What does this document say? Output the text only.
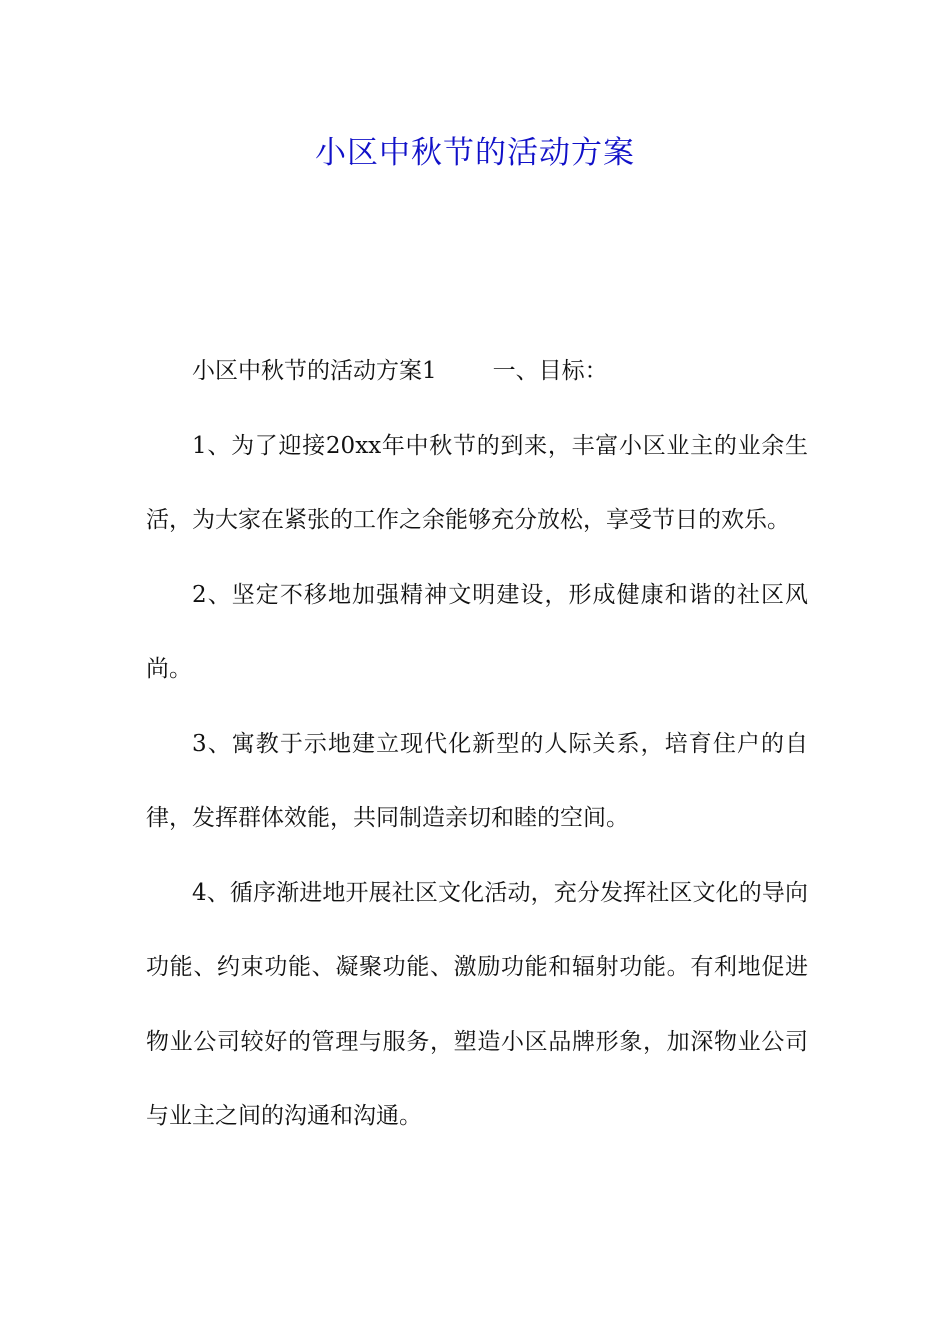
小区中秋节的活动方案

小区中秋节的活动方案1 一、目标：

1、为了迎接20xx年中秋节的到来，丰富小区业主的业余生活，为大家在紧张的工作之余能够充分放松，享受节日的欢乐。

2、坚定不移地加强精神文明建设，形成健康和谐的社区风尚。

3、寓教于示地建立现代化新型的人际关系，培育住户的自律，发挥群体效能，共同制造亲切和睦的空间。

4、循序渐进地开展社区文化活动，充分发挥社区文化的导向功能、约束功能、凝聚功能、激励功能和辐射功能。有利地促进物业公司较好的管理与服务，塑造小区品牌形象，加深物业公司与业主之间的沟通和沟通。
